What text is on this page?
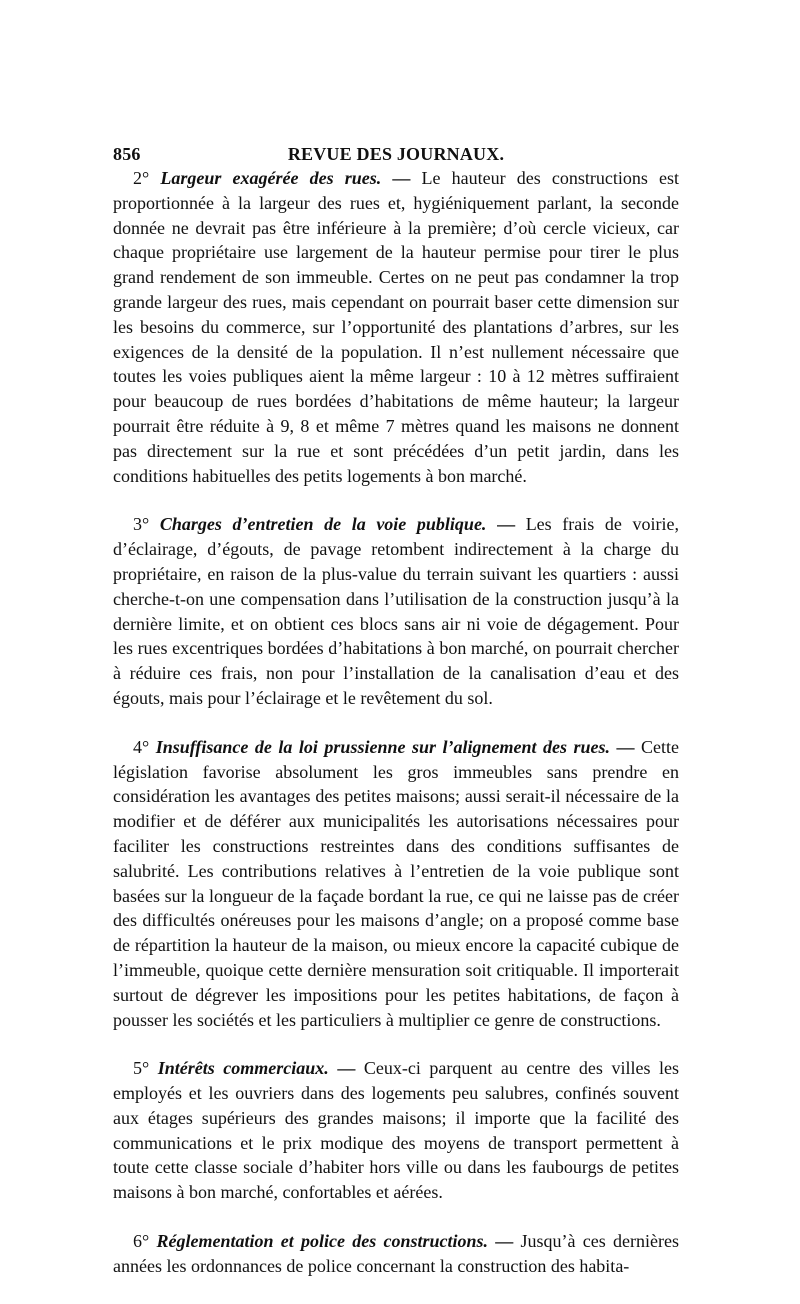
856	REVUE DES JOURNAUX.

2° Largeur exagérée des rues. — Le hauteur des constructions est proportionnée à la largeur des rues et, hygiéniquement parlant, la seconde donnée ne devrait pas être inférieure à la première; d’où cercle vicieux, car chaque propriétaire use largement de la hauteur permise pour tirer le plus grand rendement de son immeuble. Certes on ne peut pas condamner la trop grande largeur des rues, mais cependant on pourrait baser cette dimension sur les besoins du commerce, sur l’opportunité des plantations d’arbres, sur les exigences de la densité de la population. Il n’est nullement nécessaire que toutes les voies publiques aient la même largeur : 10 à 12 mètres suffiraient pour beaucoup de rues bordées d’habitations de même hauteur; la largeur pourrait être réduite à 9, 8 et même 7 mètres quand les maisons ne donnent pas directement sur la rue et sont précédées d’un petit jardin, dans les conditions habituelles des petits logements à bon marché.

3° Charges d’entretien de la voie publique. — Les frais de voirie, d’éclairage, d’égouts, de pavage retombent indirectement à la charge du propriétaire, en raison de la plus-value du terrain suivant les quartiers : aussi cherche-t-on une compensation dans l’utilisation de la construction jusqu’à la dernière limite, et on obtient ces blocs sans air ni voie de dégagement. Pour les rues excentriques bordées d’habitations à bon marché, on pourrait chercher à réduire ces frais, non pour l’installation de la canalisation d’eau et des égouts, mais pour l’éclairage et le revêtement du sol.

4° Insuffisance de la loi prussienne sur l’alignement des rues. — Cette législation favorise absolument les gros immeubles sans prendre en considération les avantages des petites maisons; aussi serait-il nécessaire de la modifier et de déférer aux municipalités les autorisations nécessaires pour faciliter les constructions restreintes dans des conditions suffisantes de salubrité. Les contributions relatives à l’entretien de la voie publique sont basées sur la longueur de la façade bordant la rue, ce qui ne laisse pas de créer des difficultés onéreuses pour les maisons d’angle; on a proposé comme base de répartition la hauteur de la maison, ou mieux encore la capacité cubique de l’immeuble, quoique cette dernière mensuration soit critiquable. Il importerait surtout de dégrever les impositions pour les petites habitations, de façon à pousser les sociétés et les particuliers à multiplier ce genre de constructions.

5° Intérêts commerciaux. — Ceux-ci parquent au centre des villes les employés et les ouvriers dans des logements peu salubres, confinés souvent aux étages supérieurs des grandes maisons; il importe que la facilité des communications et le prix modique des moyens de transport permettent à toute cette classe sociale d’habiter hors ville ou dans les faubourgs de petites maisons à bon marché, confortables et aérées.

6° Réglementation et police des constructions. — Jusqu’à ces dernières années les ordonnances de police concernant la construction des habita-
